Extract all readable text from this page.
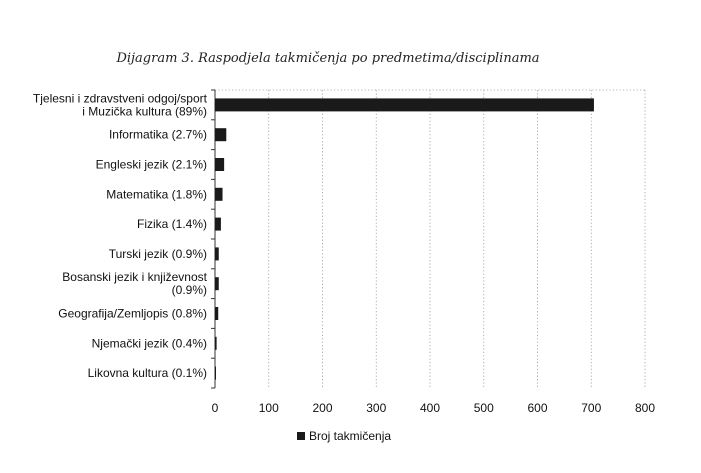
Dijagram 3. Raspodjela takmičenja po predmetima/disciplinama
0	100	200	300	400	500	600	700	800
Tjelesni i zdravstveni odgoj/sport
i Muzička kultura (89%)
Informatika (2.7%)
Engleski jezik (2.1%)
Matematika (1.8%)
Fizika (1.4%)
Turski jezik (0.9%)
Bosanski jezik i književnost
(0.9%)
Geografija/Zemljopis (0.8%)
Njemački jezik (0.4%)
Likovna kultura (0.1%)
Broj takmičenja
